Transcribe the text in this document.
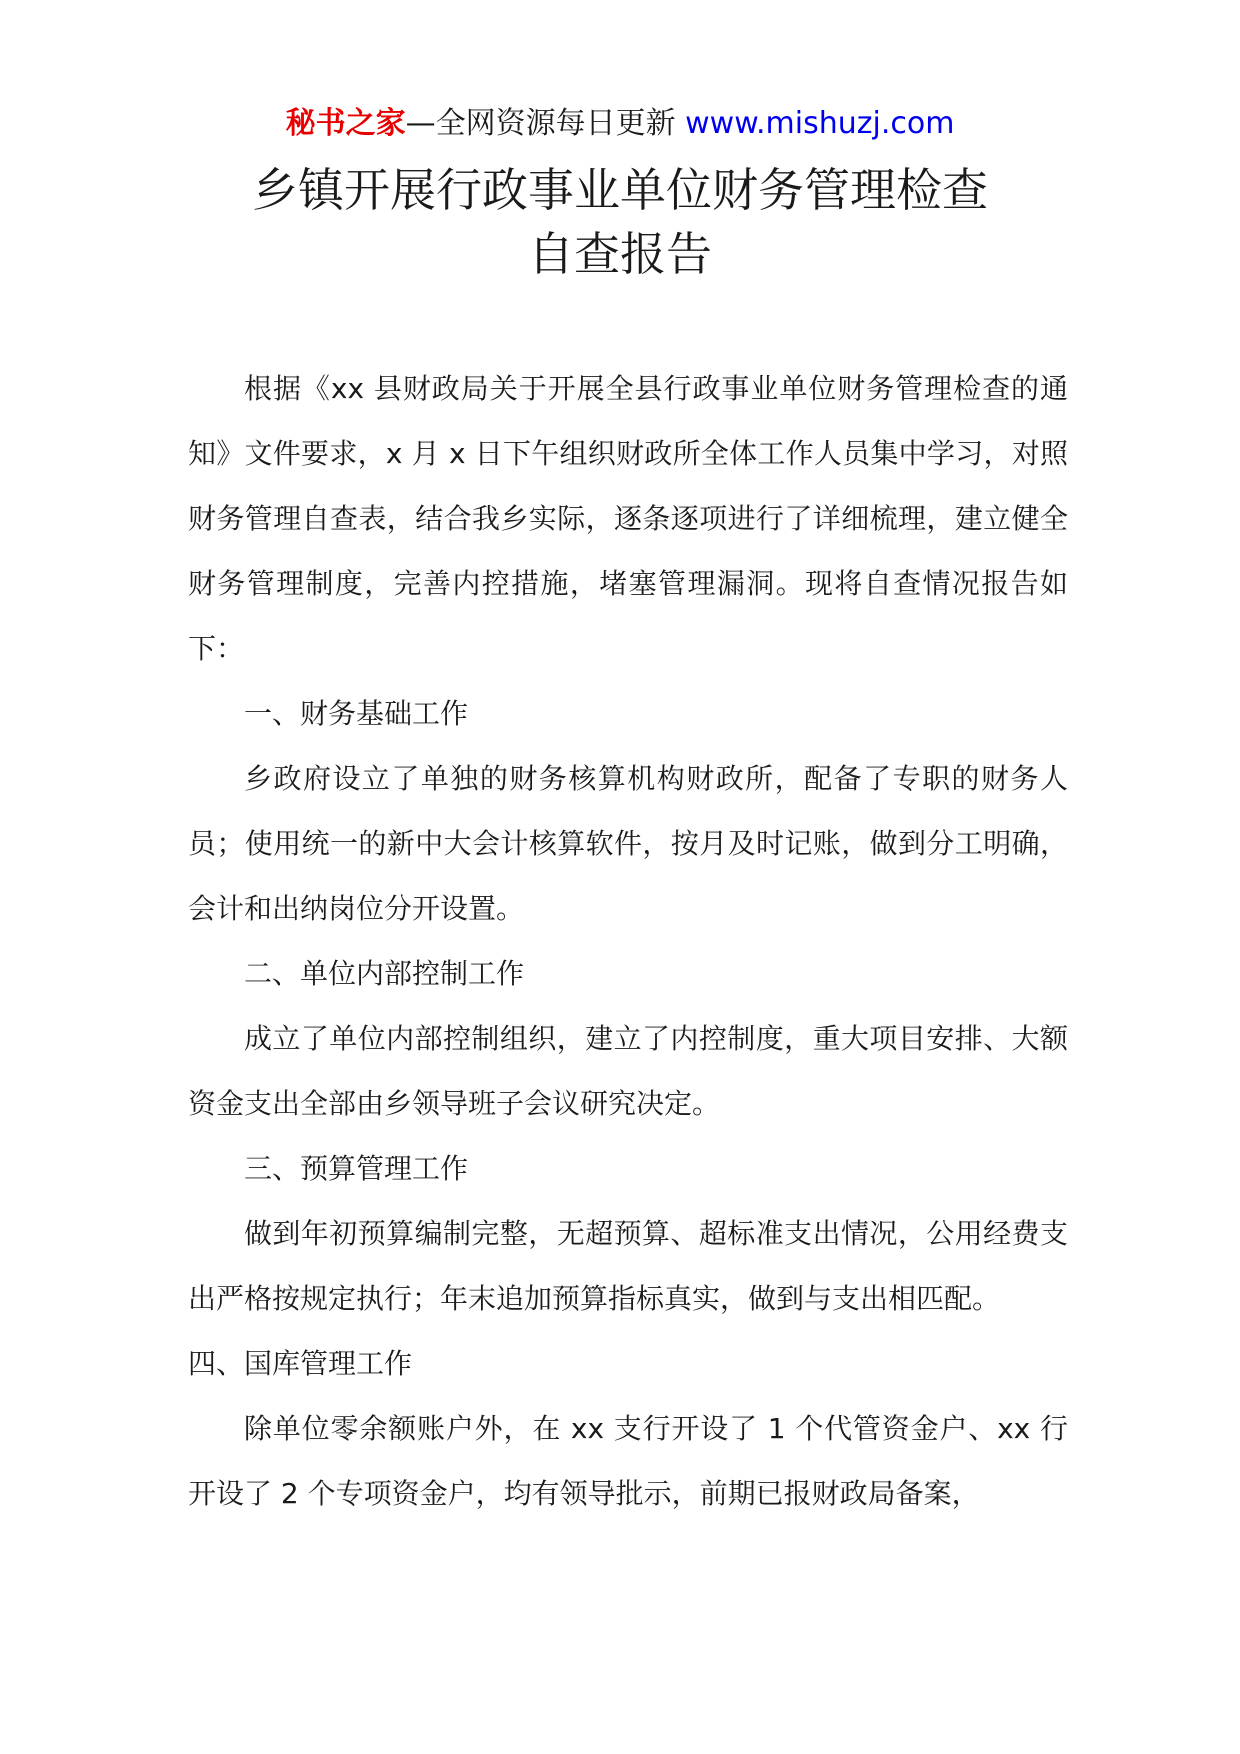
秘书之家—全网资源每日更新 www.mishuzj.com
乡镇开展行政事业单位财务管理检查
自查报告

根据《xx 县财政局关于开展全县行政事业单位财务管理检查的通知》文件要求，x 月 x 日下午组织财政所全体工作人员集中学习，对照财务管理自查表，结合我乡实际，逐条逐项进行了详细梳理，建立健全财务管理制度，完善内控措施，堵塞管理漏洞。现将自查情况报告如下：

一、财务基础工作

乡政府设立了单独的财务核算机构财政所，配备了专职的财务人员；使用统一的新中大会计核算软件，按月及时记账，做到分工明确，会计和出纳岗位分开设置。

二、单位内部控制工作

成立了单位内部控制组织，建立了内控制度，重大项目安排、大额资金支出全部由乡领导班子会议研究决定。

三、预算管理工作

做到年初预算编制完整，无超预算、超标准支出情况，公用经费支出严格按规定执行；年末追加预算指标真实，做到与支出相匹配。

四、国库管理工作

除单位零余额账户外，在 xx 支行开设了 1 个代管资金户、xx 行开设了 2 个专项资金户，均有领导批示，前期已报财政局备案，
